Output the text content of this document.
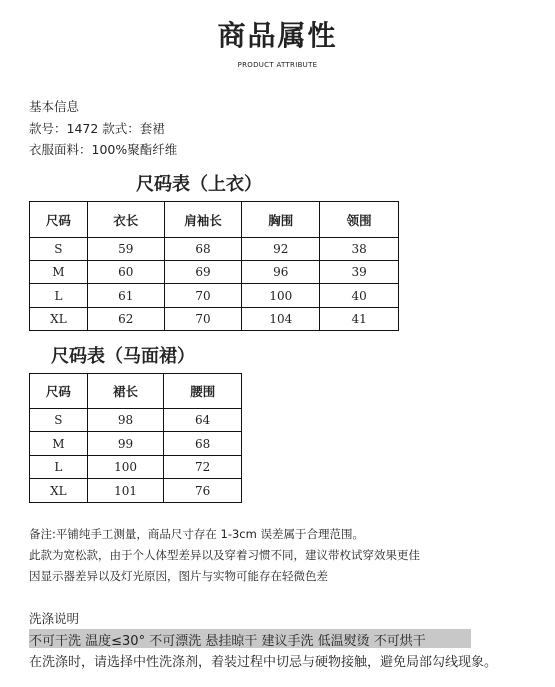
商品属性
PRODUCT ATTRIBUTE
基本信息
款号：1472 款式：套裙
衣服面料：100%聚酯纤维
尺码表（上衣）
尺码	衣长	肩袖长	胸围	领围
S	59	68	92	38
M	60	69	96	39
L	61	70	100	40
XL	62	70	104	41
尺码表（马面裙）
尺码	裙长	腰围
S	98	64
M	99	68
L	100	72
XL	101	76
备注:平铺纯手工测量，商品尺寸存在 1-3cm 误差属于合理范围。
此款为宽松款，由于个人体型差异以及穿着习惯不同，建议带枚试穿效果更佳
因显示器差异以及灯光原因，图片与实物可能存在轻微色差
洗涤说明
不可干洗 温度≤30° 不可漂洗 悬挂晾干 建议手洗 低温熨烫 不可烘干
在洗涤时，请选择中性洗涤剂，着装过程中切忌与硬物接触，避免局部勾线现象。
